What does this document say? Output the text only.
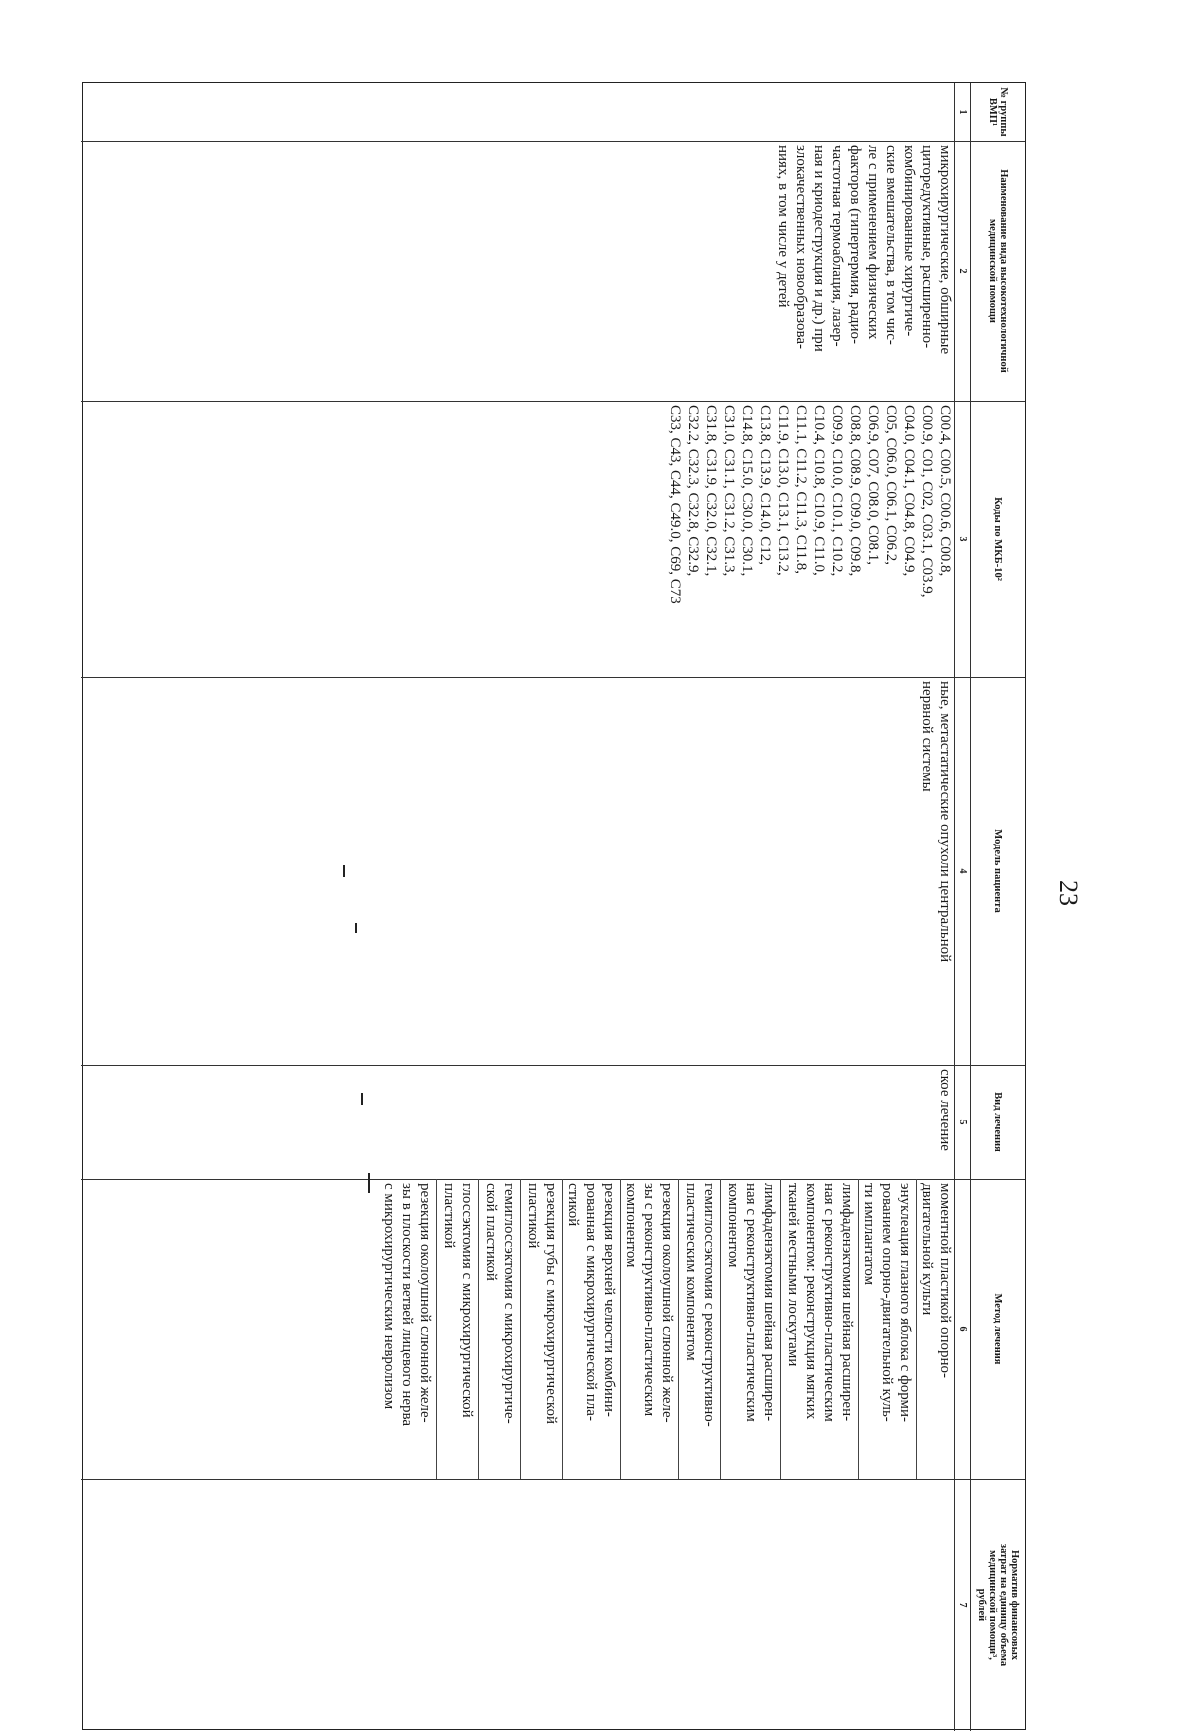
23
№ группы ВМП¹
Наименование вида высокотехнологичной медицинской помощи
Коды по МКБ-10²
Модель пациента
Вид лечения
Метод лечения
Норматив финансовых затрат на единицу объема медицинской помощи³, рублей
1
2
3
4
5
6
7
микрохирургические, обширные
циторедуктивные, расширенно-
комбинированные хирургиче-
ские вмешательства, в том чис-
ле с применением физических
факторов (гипертермия, радио-
частотная термоаблация, лазер-
ная и криодеструкция и др.) при
злокачественных новообразова-
ниях, в том числе у детей
C00.4, C00.5, C00.6, C00.8,
C00.9, C01, C02, C03.1, C03.9,
C04.0, C04.1, C04.8, C04.9,
C05, C06.0, C06.1, C06.2,
C06.9, C07, C08.0, C08.1,
C08.8, C08.9, C09.0, C09.8,
C09.9, C10.0, C10.1, C10.2,
C10.4, C10.8, C10.9, C11.0,
C11.1, C11.2, C11.3, C11.8,
C11.9, C13.0, C13.1, C13.2,
C13.8, C13.9, C14.0, C12,
C14.8, C15.0, C30.0, C30.1,
C31.0, C31.1, C31.2, C31.3,
C31.8, C31.9, C32.0, C32.1,
C32.2, C32.3, C32.8, C32.9,
C33, C43, C44, C49.0, C69, C73
ные, метастатические опухоли центральной
нервной системы
ское лечение
моментной пластикой опорно-
двигательной культи
энуклеация глазного яблока с форми-
рованием опорно-двигательной куль-
ти имплантатом
лимфаденэктомия шейная расширен-
ная с реконструктивно-пластическим
компонентом: реконструкция мягких
тканей местными лоскутами
лимфаденэктомия шейная расширен-
ная с реконструктивно-пластическим
компонентом
гемиглоссэктомия с реконструктивно-
пластическим компонентом
резекция околоушной слюнной желе-
зы с реконструктивно-пластическим
компонентом
резекция верхней челюсти комбини-
рованная с микрохирургической пла-
стикой
резекция губы с микрохирургической
пластикой
гемиглоссэктомия с микрохирургиче-
ской пластикой
глоссэктомия с микрохирургической
пластикой
резекция околоушной слюнной желе-
зы в плоскости ветвей лицевого нерва
с микрохирургическим невролизом
